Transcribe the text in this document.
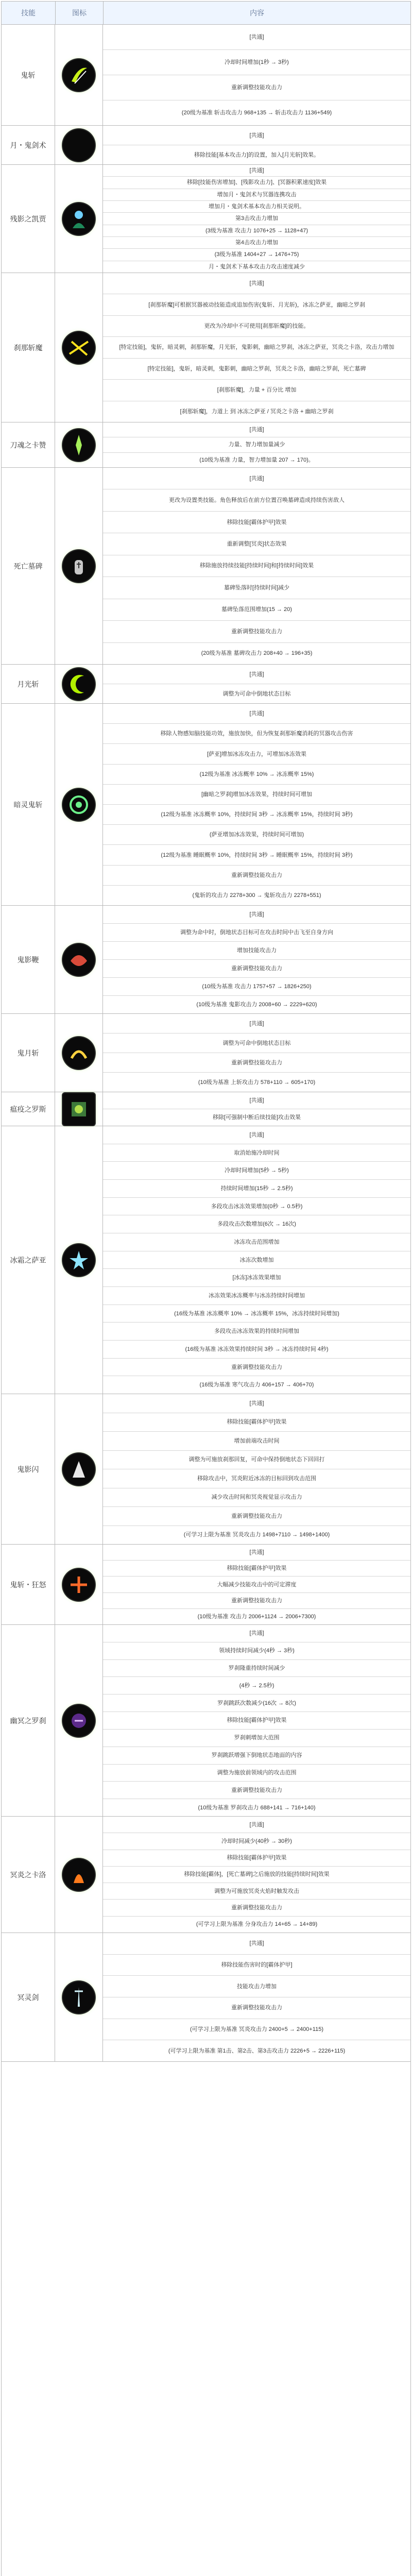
技能	图标	内容
鬼斩
[共通]
冷却时间增加(1秒 → 3秒)
重新调整技能攻击力
(20级为基准 斩击攻击力 968+135 → 斩击攻击力 1136+549)
月・鬼剑术
[共通]
移除技能[基本攻击力]的设置，加入[月光斩]效果。
残影之凯贾
[共通]
移除[技能伤害增加]、[残影攻击力]、[冥器积累速度]效果
增加月・鬼剑术与冥器连携攻击
增加月・鬼剑术基本攻击力相关说明。
第3击攻击力增加
(3级为基准 攻击力 1076+25 → 1128+47)
第4击攻击力增加
(3级为基准 1404+27 → 1476+75)
月・鬼剑术下基本攻击力攻击速度减少
刹那斩魔
[共通]
[刹那斩魔]可根据冥器被动技能造成追加伤害(鬼斩、月光斩)，冰冻之萨亚，幽暗之罗刹
更改为冷却中不可使用[刹那斩魔]的技能。
[特定技能]，鬼斩，暗灵刺，刹那斩魔，月光斩，鬼影刺，幽暗之罗刹，冰冻之萨亚，冥炎之卡洛，攻击力增加
[特定技能]，鬼斩，暗灵刺，鬼影刺，幽暗之罗刹，冥炎之卡洛，幽暗之罗刹，死亡墓碑
[刹那斩魔]，力量 + 百分比 增加
[刹那斩魔]，力道上 到 冰冻之萨亚 / 冥炎之卡洛 + 幽暗之罗刹
刀魂之卡赞
[共通]
力量、智力增加量减少
(10级为基准 力量，智力增加量 207 → 170)。
死亡墓碑
[共通]
更改为设置类技能。角色释放后在前方位置召唤墓碑造成持续伤害敌人
移除技能[霸体护甲]效果
重新调整[冥炎]状态效果
移除施放持续技能[持续时间]和[持续时间]效果
墓碑坠落时[持续时间]减少
墓碑坠落范围增加(15 → 20)
重新调整技能攻击力
(20级为基准 墓碑攻击力 208+40 → 196+35)
月光斩
[共通]
调整为可命中倒地状态目标
暗灵鬼斩
[共通]
移除人物感知脑技能功效，施放加快，但为恢复刹那斩魔消耗的冥器攻击伤害
[萨亚]增加冰冻攻击力，可增加冰冻效果
(12级为基准 冰冻概率 10% → 冰冻概率 15%)
[幽暗之罗刹]增加冰冻效果，持续时间可增加
(12级为基准 冰冻概率 10%，持续时间 3秒 → 冰冻概率 15%，持续时间 3秒)
(萨亚增加冰冻效果，持续时间可增加)
(12级为基准 睡眠概率 10%，持续时间 3秒 → 睡眠概率 15%，持续时间 3秒)
重新调整技能攻击力
(鬼斩的攻击力 2278+300 → 鬼斩攻击力 2278+551)
鬼影鞭
[共通]
调整为命中时，倒地状态目标可在攻击时间中击飞至自身方向
增加技能攻击力
重新调整技能攻击力
(10级为基准 攻击力 1757+57 → 1826+250)
(10级为基准 鬼影攻击力 2008+60 → 2229+620)
鬼月斩
[共通]
调整为可命中倒地状态目标
重新调整技能攻击力
(10级为基准 上斩攻击力 578+110 → 605+170)
瘟疫之罗斯
[共通]
移除[可强制中断后续技能]攻击效果
冰霜之萨亚
[共通]
取消始施冷却时间
冷却时间增加(5秒 → 5秒)
持续时间增加(15秒 → 2.5秒)
多段攻击冰冻效果增加(0秒 → 0.5秒)
多段攻击次数增加(6次 → 16次)
冰冻攻击范围增加
冰冻次数增加
[冰冻]冰冻效果增加
冰冻效果冰冻概率与冰冻持续时间增加
(16级为基准 冰冻概率 10% → 冰冻概率 15%，冰冻持续时间增加)
多段攻击冰冻效果的持续时间增加
(16级为基准 冰冻效果持续时间 3秒 → 冰冻持续时间 4秒)
重新调整技能攻击力
(16级为基准 寒气攻击力 406+157 → 406+70)
鬼影闪
[共通]
移除技能[霸体护甲]效果
增加前端攻击时间
调整为可施放刹那回复，可命中保持倒地状态下回回打
移除攻击中，冥炎附近冰冻的目标回到攻击范围
减少攻击时间和冥炎视觉显示攻击力
重新调整技能攻击力
(可学习上限为基准 冥炎攻击力 1498+7110 → 1498+1400)
鬼斩・狂怒
[共通]
移除技能[霸体护甲]效果
大幅减少技能攻击中的可定滞度
重新调整技能攻击力
(10级为基准 攻击力 2006+1124 → 2006+7300)
幽冥之罗刹
[共通]
领域持续时间减少(4秒 → 3秒)
罗刹隆重持续时间减少
(4秒 → 2.5秒)
罗刹跳跃次数减少(16次 → 8次)
移除技能[霸体护甲]效果
罗刹刺增加大范围
罗刹跳跃增强下倒地状态地面的内容
调整为施放前领域内的攻击范围
重新调整技能攻击力
(10级为基准 罗刹攻击力 688+141 → 716+140)
冥炎之卡洛
[共通]
冷却时间减少(40秒 → 30秒)
移除技能[霸体护甲]效果
移除技能[霸体]，[死亡墓碑]之后施放的技能[持续时间]效果
调整为可施放冥炎火焰时触发攻击
重新调整技能攻击力
(可学习上限为基准 分身攻击力 14+65 → 14+89)
冥灵剑
[共通]
移除技能伤害时的[霸体护甲]
技能攻击力增加
重新调整技能攻击力
(可学习上限为基准 冥炎攻击力 2400+5 → 2400+115)
(可学习上限为基准 第1击、第2击、第3击攻击力 2226+5 → 2226+115)
